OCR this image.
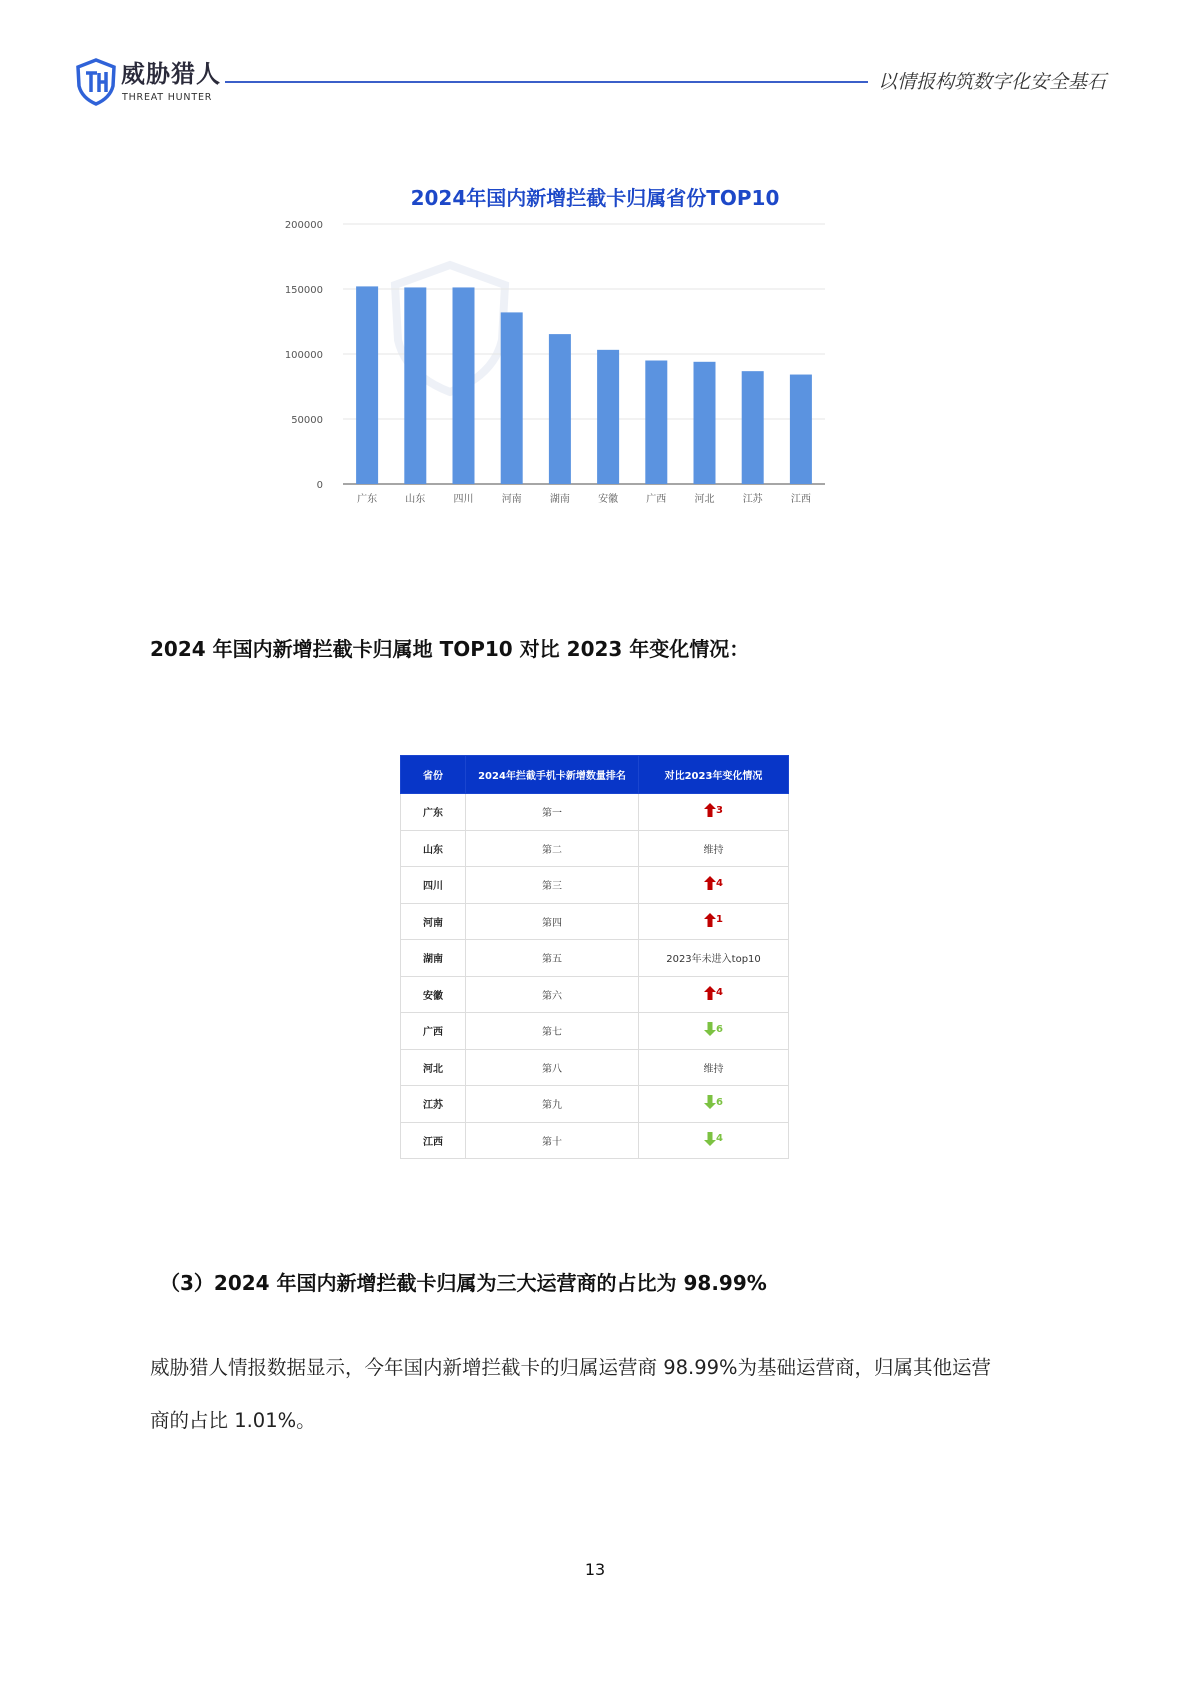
威胁猎人
THREAT HUNTER
以情报构筑数字化安全基石
2024年国内新增拦截卡归属省份TOP10
0
50000
100000
150000
200000
广东	山东	四川	河南	湖南	安徽	广西	河北	江苏	江西
2024 年国内新增拦截卡归属地 TOP10 对比 2023 年变化情况：
省份	2024年拦截手机卡新增数量排名	对比2023年变化情况
广东	第一	3

山东	第二	维持
四川	第三	4

河南	第四	1

湖南	第五	2023年未进入top10
安徽	第六	4

广西	第七	6

河北	第八	维持
江苏	第九	6

江西	第十	4
（3）2024 年国内新增拦截卡归属为三大运营商的占比为 98.99%
威胁猎人情报数据显示，今年国内新增拦截卡的归属运营商 98.99%为基础运营商，归属其他运营
商的占比 1.01%。
13
